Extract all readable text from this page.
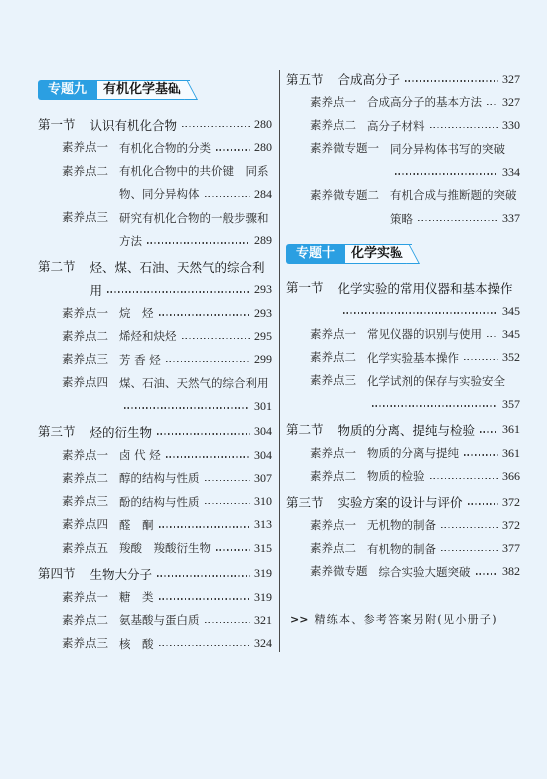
专题九	有机化学基础
第一节 认识有机化合物	280
素养点一 有机化合物的分类	280
素养点二 有机化合物中的共价键　同系
物、同分异构体	284
素养点三 研究有机化合物的一般步骤和
方法	289
第二节 烃、煤、石油、天然气的综合利
用	293
素养点一 烷　烃	293
素养点二 烯烃和炔烃	295
素养点三 芳 香 烃	299
素养点四 煤、石油、天然气的综合利用
301
第三节 烃的衍生物	304
素养点一 卤 代 烃	304
素养点二 醇的结构与性质	307
素养点三 酚的结构与性质	310
素养点四 醛　酮	313
素养点五 羧酸　羧酸衍生物	315
第四节 生物大分子	319
素养点一 糖　类	319
素养点二 氨基酸与蛋白质	321
素养点三 核　酸	324
第五节 合成高分子	327
素养点一 合成高分子的基本方法 327
素养点二 高分子材料	330
素养微专题一 同分异构体书写的突破
334
素养微专题二 有机合成与推断题的突破
策略	337
专题十	化学实验
第一节 化学实验的常用仪器和基本操作
345
素养点一 常见仪器的识别与使用 345
素养点二 化学实验基本操作	352
素养点三 化学试剂的保存与实验安全
357
第二节 物质的分离、提纯与检验 361
素养点一 物质的分离与提纯	361
素养点二 物质的检验	366
第三节 实验方案的设计与评价	372
素养点一 无机物的制备	372
素养点二 有机物的制备	377
素养微专题 综合实验大题突破	382
>> 精练本、参考答案另附(见小册子)
